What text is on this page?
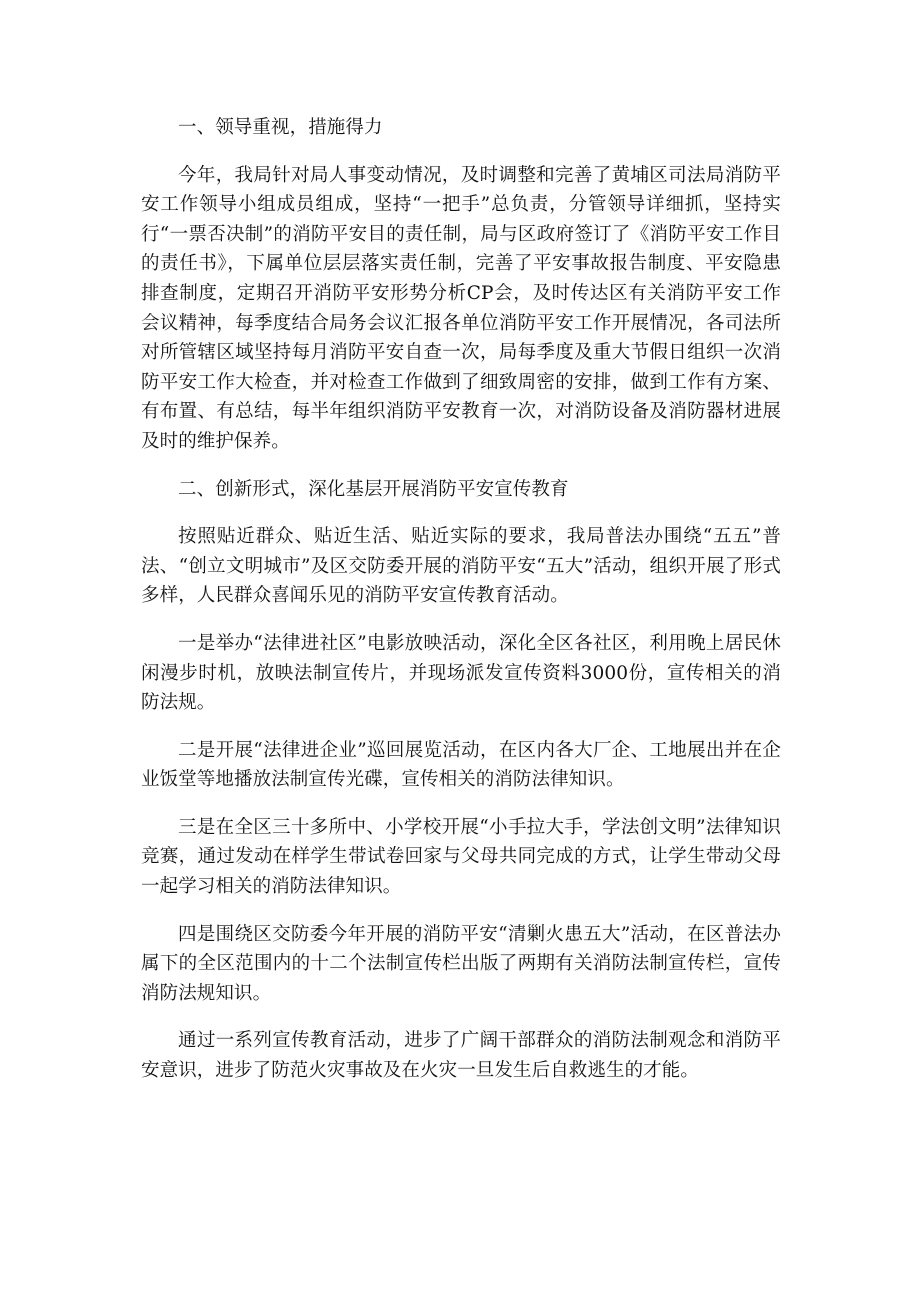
一、领导重视，措施得力

今年，我局针对局人事变动情况，及时调整和完善了黄埔区司法局消防平安工作领导小组成员组成，坚持“一把手”总负责，分管领导详细抓，坚持实行“一票否决制”的消防平安目的责任制，局与区政府签订了《消防平安工作目的责任书》，下属单位层层落实责任制，完善了平安事故报告制度、平安隐患排查制度，定期召开消防平安形势分析CP会，及时传达区有关消防平安工作会议精神，每季度结合局务会议汇报各单位消防平安工作开展情况，各司法所对所管辖区域坚持每月消防平安自查一次，局每季度及重大节假日组织一次消防平安工作大检查，并对检查工作做到了细致周密的安排，做到工作有方案、有布置、有总结，每半年组织消防平安教育一次，对消防设备及消防器材进展及时的维护保养。

二、创新形式，深化基层开展消防平安宣传教育

按照贴近群众、贴近生活、贴近实际的要求，我局普法办围绕“五五”普法、“创立文明城市”及区交防委开展的消防平安“五大”活动，组织开展了形式多样，人民群众喜闻乐见的消防平安宣传教育活动。

一是举办“法律进社区”电影放映活动，深化全区各社区，利用晚上居民休闲漫步时机，放映法制宣传片，并现场派发宣传资料3000份，宣传相关的消防法规。

二是开展“法律进企业”巡回展览活动，在区内各大厂企、工地展出并在企业饭堂等地播放法制宣传光碟，宣传相关的消防法律知识。

三是在全区三十多所中、小学校开展“小手拉大手，学法创文明”法律知识竞赛，通过发动在样学生带试卷回家与父母共同完成的方式，让学生带动父母一起学习相关的消防法律知识。

四是围绕区交防委今年开展的消防平安“清剿火患五大”活动，在区普法办属下的全区范围内的十二个法制宣传栏出版了两期有关消防法制宣传栏，宣传消防法规知识。

通过一系列宣传教育活动，进步了广阔干部群众的消防法制观念和消防平安意识，进步了防范火灾事故及在火灾一旦发生后自救逃生的才能。
